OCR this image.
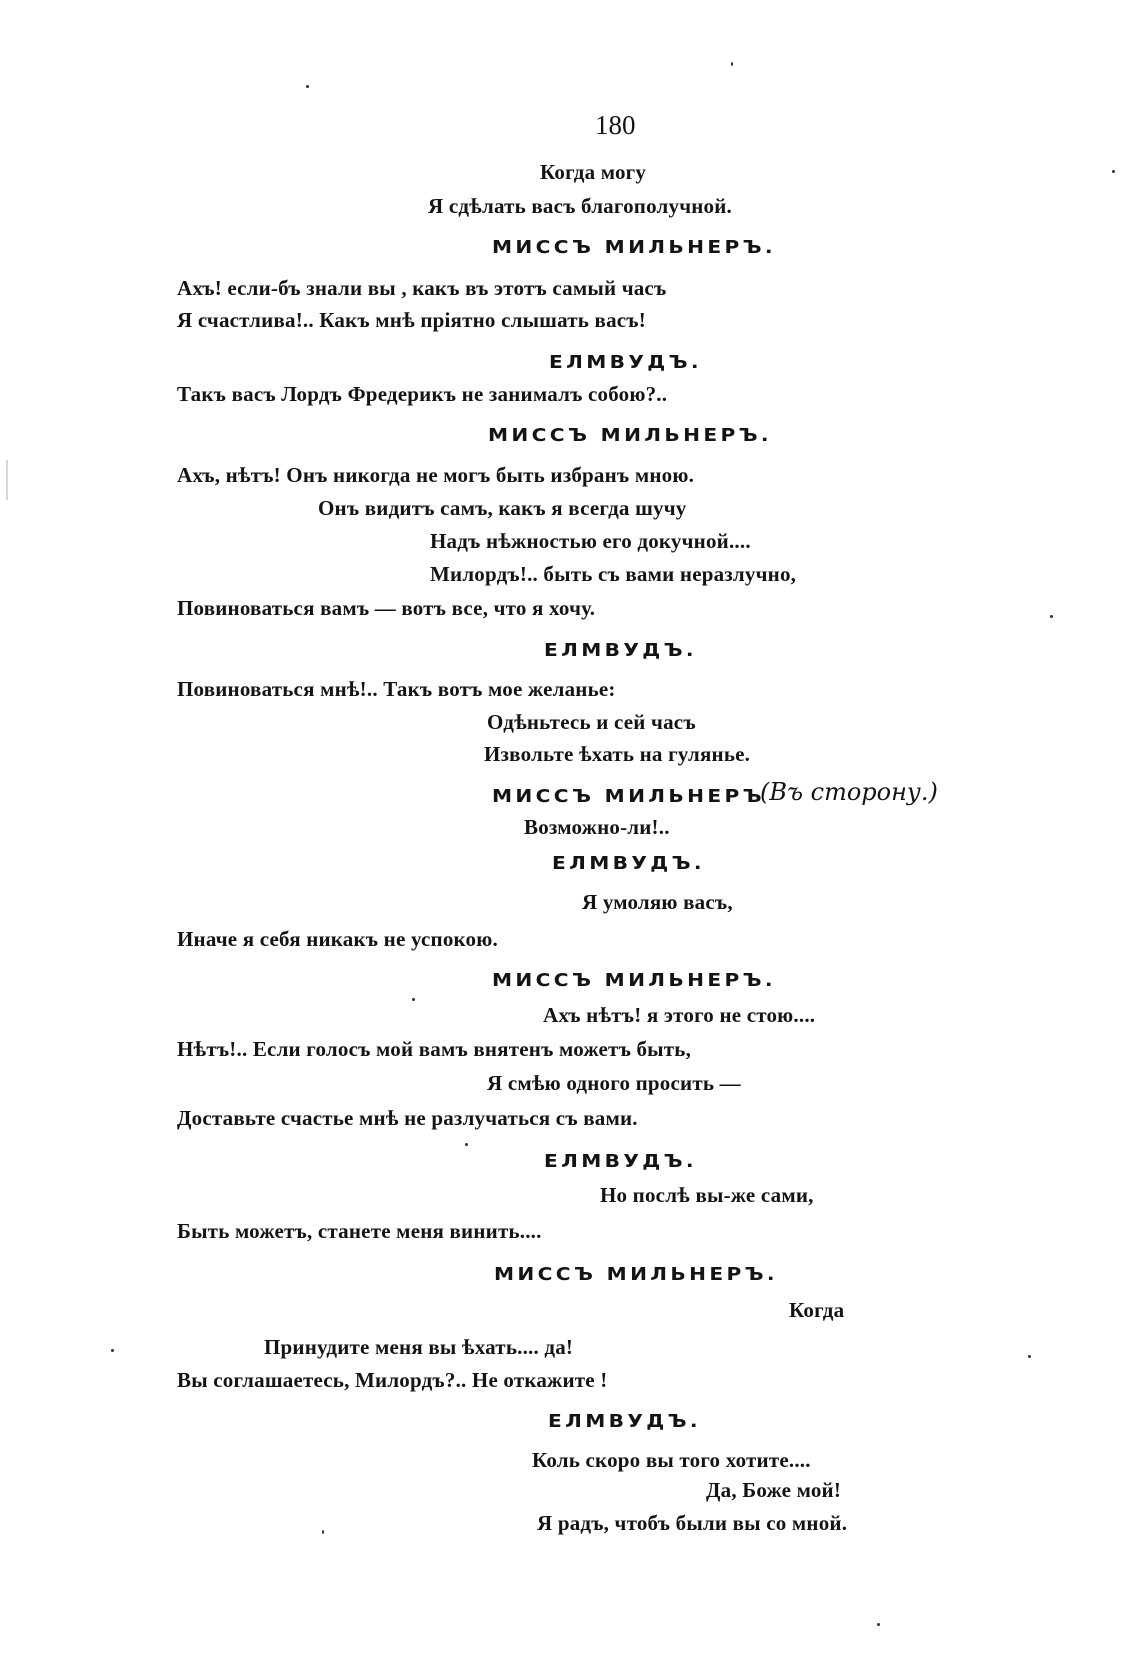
180
Когда могу
Я сдѣлать васъ благополучной.
МИССЪ МИЛЬНЕРЪ.
Ахъ! если-бъ знали вы , какъ въ этотъ самый часъ
Я счастлива!.. Какъ мнѣ пріятно слышать васъ!
ЕЛМВУДЪ.
Такъ васъ Лордъ Фредерикъ не занималъ собою?..
МИССЪ МИЛЬНЕРЪ.
Ахъ, нѣтъ! Онъ никогда не могъ быть избранъ мною.
Онъ видитъ самъ, какъ я всегда шучу
Надъ нѣжностью его докучной....
Милордъ!.. быть съ вами неразлучно,
Повиноваться вамъ — вотъ все, что я хочу.
ЕЛМВУДЪ.
Повиноваться мнѣ!.. Такъ вотъ мое желанье:
Одѣньтесь и сей часъ
Извольте ѣхать на гулянье.
МИССЪ МИЛЬНЕРЪ
(Въ сторону.)
Возможно-ли!..
ЕЛМВУДЪ.
Я умоляю васъ,
Иначе я себя никакъ не успокою.
МИССЪ МИЛЬНЕРЪ.
Ахъ нѣтъ! я этого не стою....
Нѣтъ!.. Если голосъ мой вамъ внятенъ можетъ быть,
Я смѣю одного просить —
Доставьте счастье мнѣ не разлучаться съ вами.
ЕЛМВУДЪ.
Но послѣ вы-же сами,
Быть можетъ, станете меня винить....
МИССЪ МИЛЬНЕРЪ.
Когда
Принудите меня вы ѣхать.... да!
Вы соглашаетесь, Милордъ?.. Не откажите !
ЕЛМВУДЪ.
Коль скоро вы того хотите....
Да, Боже мой!
Я радъ, чтобъ были вы со мной.
